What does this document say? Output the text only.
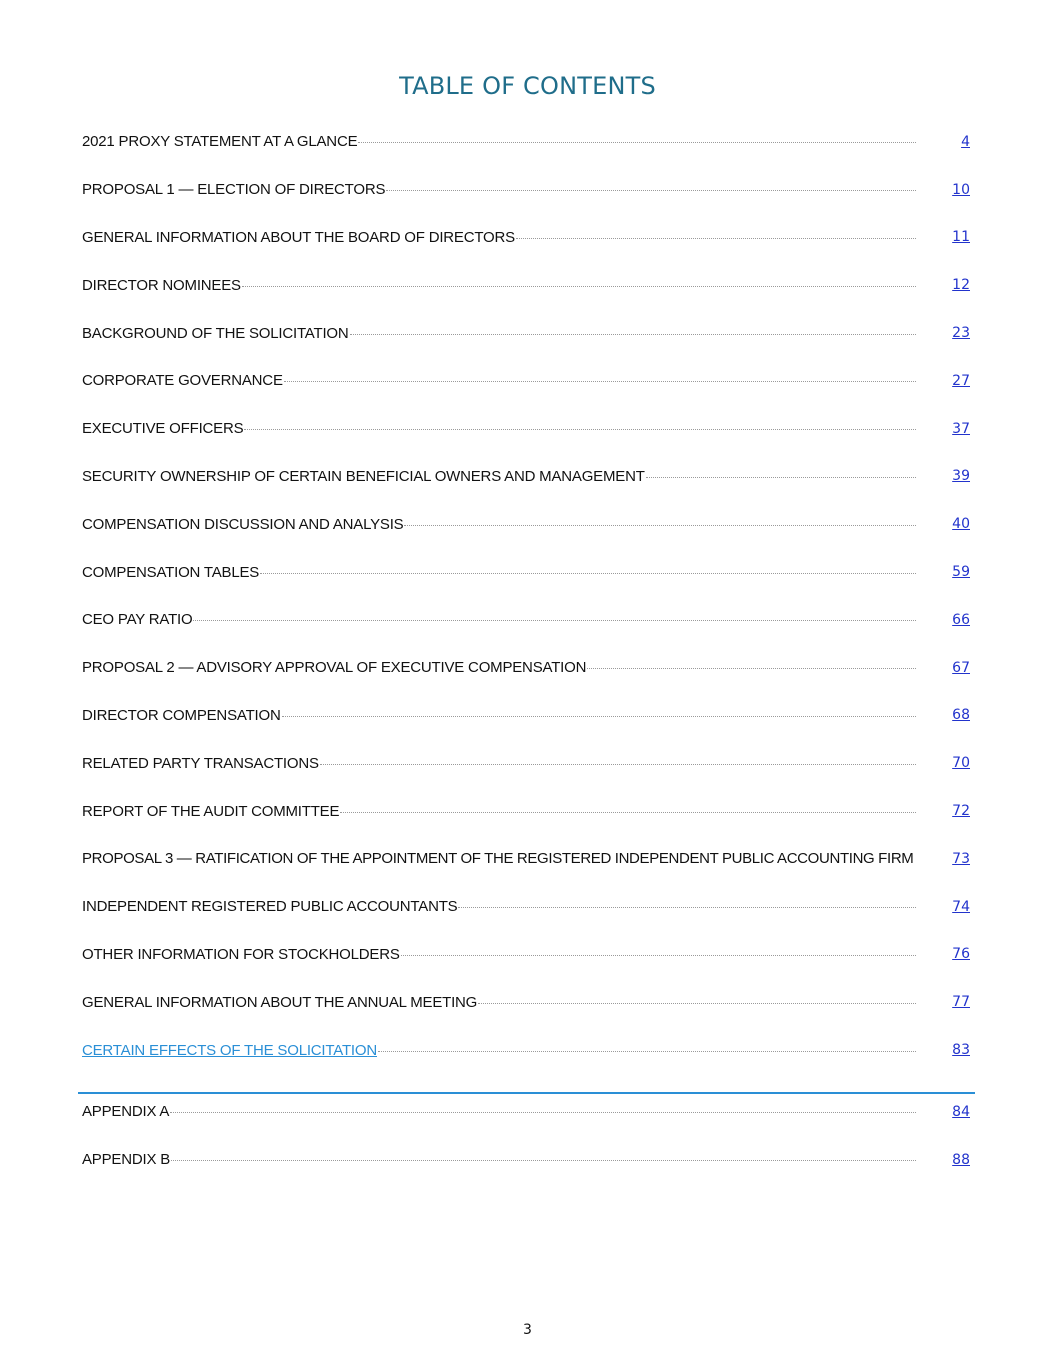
TABLE OF CONTENTS
2021 PROXY STATEMENT AT A GLANCE	4
PROPOSAL 1 — ELECTION OF DIRECTORS	10
GENERAL INFORMATION ABOUT THE BOARD OF DIRECTORS	11
DIRECTOR NOMINEES	12
BACKGROUND OF THE SOLICITATION	23
CORPORATE GOVERNANCE	27
EXECUTIVE OFFICERS	37
SECURITY OWNERSHIP OF CERTAIN BENEFICIAL OWNERS AND MANAGEMENT	39
COMPENSATION DISCUSSION AND ANALYSIS	40
COMPENSATION TABLES	59
CEO PAY RATIO	66
PROPOSAL 2 — ADVISORY APPROVAL OF EXECUTIVE COMPENSATION	67
DIRECTOR COMPENSATION	68
RELATED PARTY TRANSACTIONS	70
REPORT OF THE AUDIT COMMITTEE	72
PROPOSAL 3 — RATIFICATION OF THE APPOINTMENT OF THE REGISTERED INDEPENDENT PUBLIC ACCOUNTING FIRM	73
INDEPENDENT REGISTERED PUBLIC ACCOUNTANTS	74
OTHER INFORMATION FOR STOCKHOLDERS	76
GENERAL INFORMATION ABOUT THE ANNUAL MEETING	77
CERTAIN EFFECTS OF THE SOLICITATION	83
APPENDIX A	84
APPENDIX B	88
3
